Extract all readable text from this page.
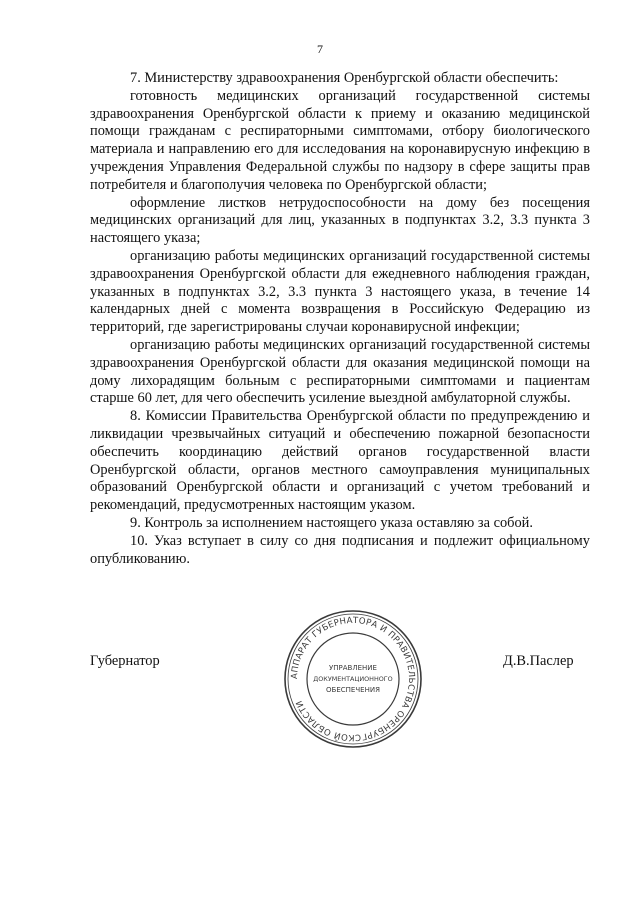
7

7. Министерству здравоохранения Оренбургской области обеспечить:

готовность медицинских организаций государственной системы здравоохранения Оренбургской области к приему и оказанию медицинской помощи гражданам с респираторными симптомами, отбору биологического материала и направлению его для исследования на коронавирусную инфекцию в учреждения Управления Федеральной службы по надзору в сфере защиты прав потребителя и благополучия человека по Оренбургской области;

оформление листков нетрудоспособности на дому без посещения медицинских организаций для лиц, указанных в подпунктах 3.2, 3.3 пункта 3 настоящего указа;

организацию работы медицинских организаций государственной системы здравоохранения Оренбургской области для ежедневного наблюдения граждан, указанных в подпунктах 3.2, 3.3 пункта 3 настоящего указа, в течение 14 календарных дней с момента возвращения в Российскую Федерацию из территорий, где зарегистрированы случаи коронавирусной инфекции;

организацию работы медицинских организаций государственной системы здравоохранения Оренбургской области для оказания медицинской помощи на дому лихорадящим больным с респираторными симптомами и пациентам старше 60 лет, для чего обеспечить усиление выездной амбулаторной службы.

8. Комиссии Правительства Оренбургской области по предупреждению и ликвидации чрезвычайных ситуаций и обеспечению пожарной безопасности обеспечить координацию действий органов государственной власти Оренбургской области, органов местного самоуправления муниципальных образований Оренбургской области и организаций с учетом требований и рекомендаций, предусмотренных настоящим указом.

9. Контроль за исполнением настоящего указа оставляю за собой.

10. Указ вступает в силу со дня подписания и подлежит официальному опубликованию.

Губернатор	Д.В.Паслер
АППАРАТ ГУБЕРНАТОРА И ПРАВИТЕЛЬСТВА ОРЕНБУРГСКОЙ ОБЛАСТИ
УПРАВЛЕНИЕ
ДОКУМЕНТАЦИОННОГО
ОБЕСПЕЧЕНИЯ
